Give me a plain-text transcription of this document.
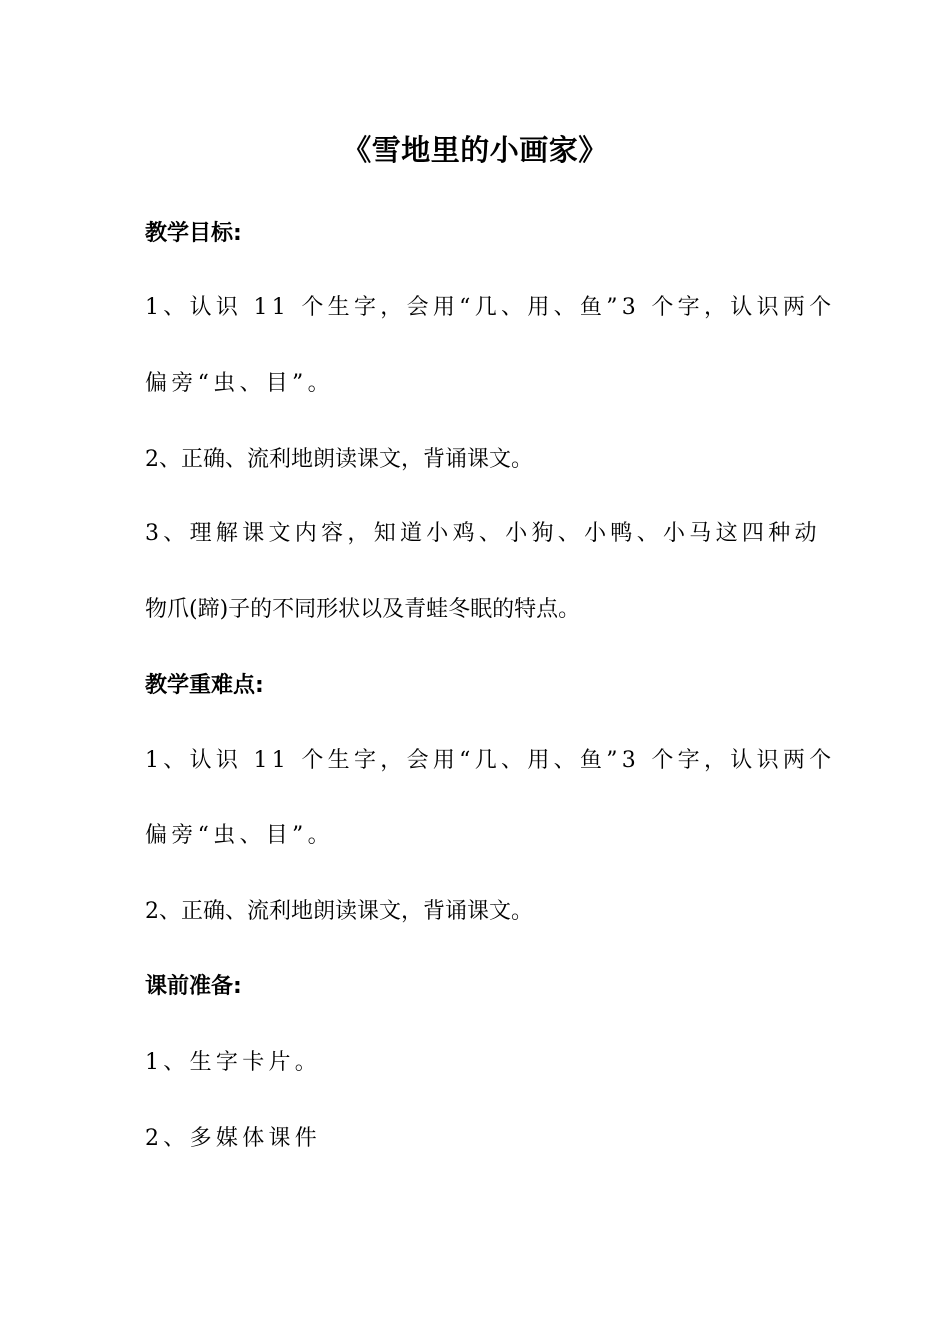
《雪地里的小画家》
教学目标:
1、认识 11 个生字，会用“几、用、鱼”3 个字，认识两个
偏旁“虫、目”。
2、正确、流利地朗读课文，背诵课文。
3、理解课文内容，知道小鸡、小狗、小鸭、小马这四种动
物爪(蹄)子的不同形状以及青蛙冬眠的特点。
教学重难点:
1、认识 11 个生字，会用“几、用、鱼”3 个字，认识两个
偏旁“虫、目”。
2、正确、流利地朗读课文，背诵课文。
课前准备:
1、生字卡片。
2、多媒体课件
